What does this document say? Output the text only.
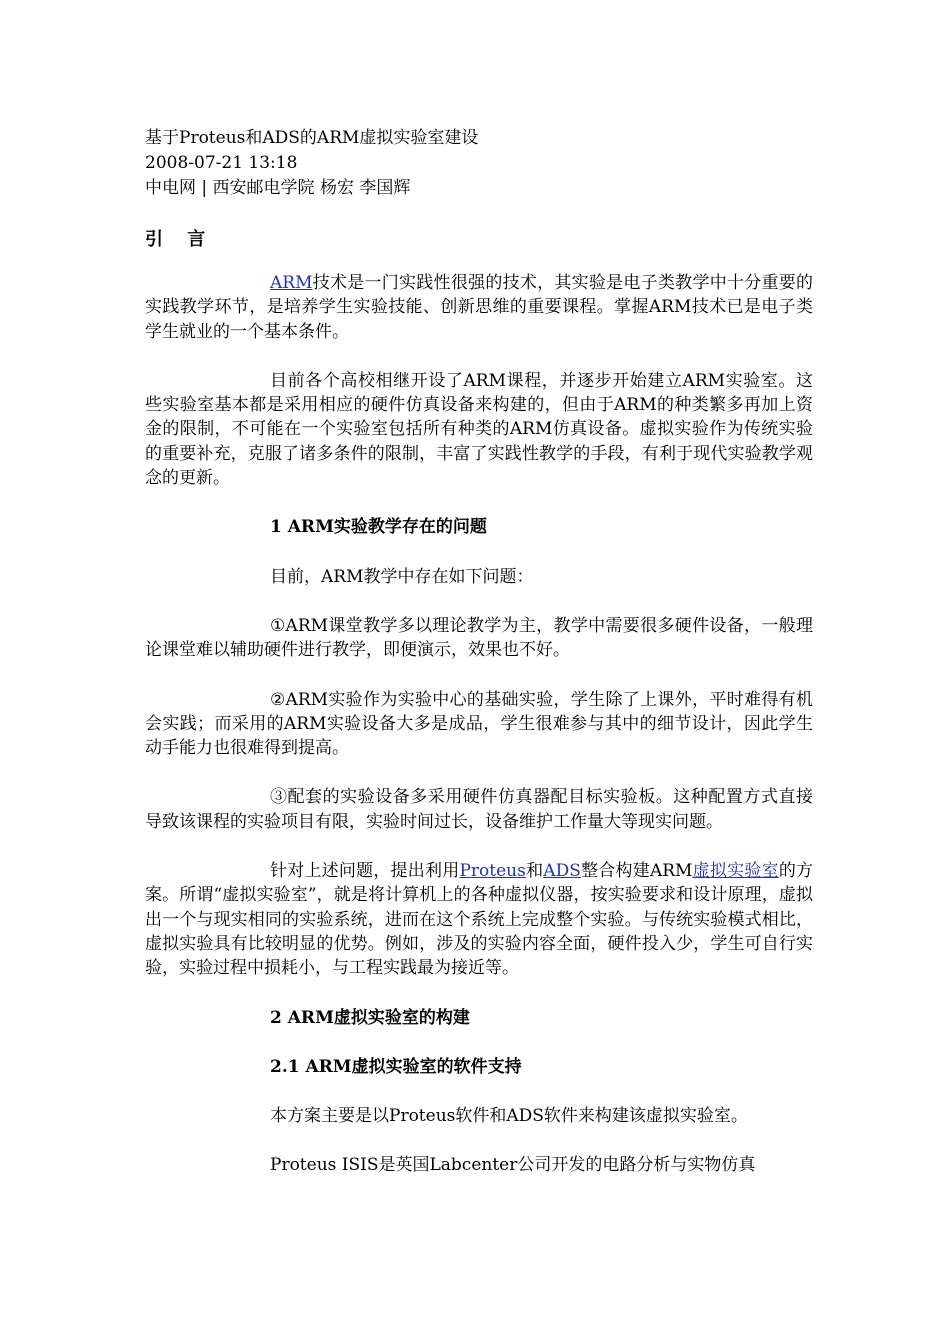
基于Proteus和ADS的ARM虚拟实验室建设
2008-07-21 13:18
中电网 | 西安邮电学院 杨宏 李国辉
引 言

ARM技术是一门实践性很强的技术，其实验是电子类教学中十分重要的实践教学环节，是培养学生实验技能、创新思维的重要课程。掌握ARM技术已是电子类学生就业的一个基本条件。

目前各个高校相继开设了ARM课程，并逐步开始建立ARM实验室。这些实验室基本都是采用相应的硬件仿真设备来构建的，但由于ARM的种类繁多再加上资金的限制，不可能在一个实验室包括所有种类的ARM仿真设备。虚拟实验作为传统实验的重要补充，克服了诸多条件的限制，丰富了实践性教学的手段，有利于现代实验教学观念的更新。

1 ARM实验教学存在的问题

目前，ARM教学中存在如下问题：

①ARM课堂教学多以理论教学为主，教学中需要很多硬件设备，一般理论课堂难以辅助硬件进行教学，即便演示，效果也不好。

②ARM实验作为实验中心的基础实验，学生除了上课外，平时难得有机会实践；而采用的ARM实验设备大多是成品，学生很难参与其中的细节设计，因此学生动手能力也很难得到提高。

③配套的实验设备多采用硬件仿真器配目标实验板。这种配置方式直接导致该课程的实验项目有限，实验时间过长，设备维护工作量大等现实问题。

针对上述问题，提出利用Proteus和ADS整合构建ARM虚拟实验室的方案。所谓“虚拟实验室”，就是将计算机上的各种虚拟仪器，按实验要求和设计原理，虚拟出一个与现实相同的实验系统，进而在这个系统上完成整个实验。与传统实验模式相比，虚拟实验具有比较明显的优势。例如，涉及的实验内容全面，硬件投入少，学生可自行实验，实验过程中损耗小，与工程实践最为接近等。

2 ARM虚拟实验室的构建

2.1 ARM虚拟实验室的软件支持

本方案主要是以Proteus软件和ADS软件来构建该虚拟实验室。

Proteus ISIS是英国Labcenter公司开发的电路分析与实物仿真
